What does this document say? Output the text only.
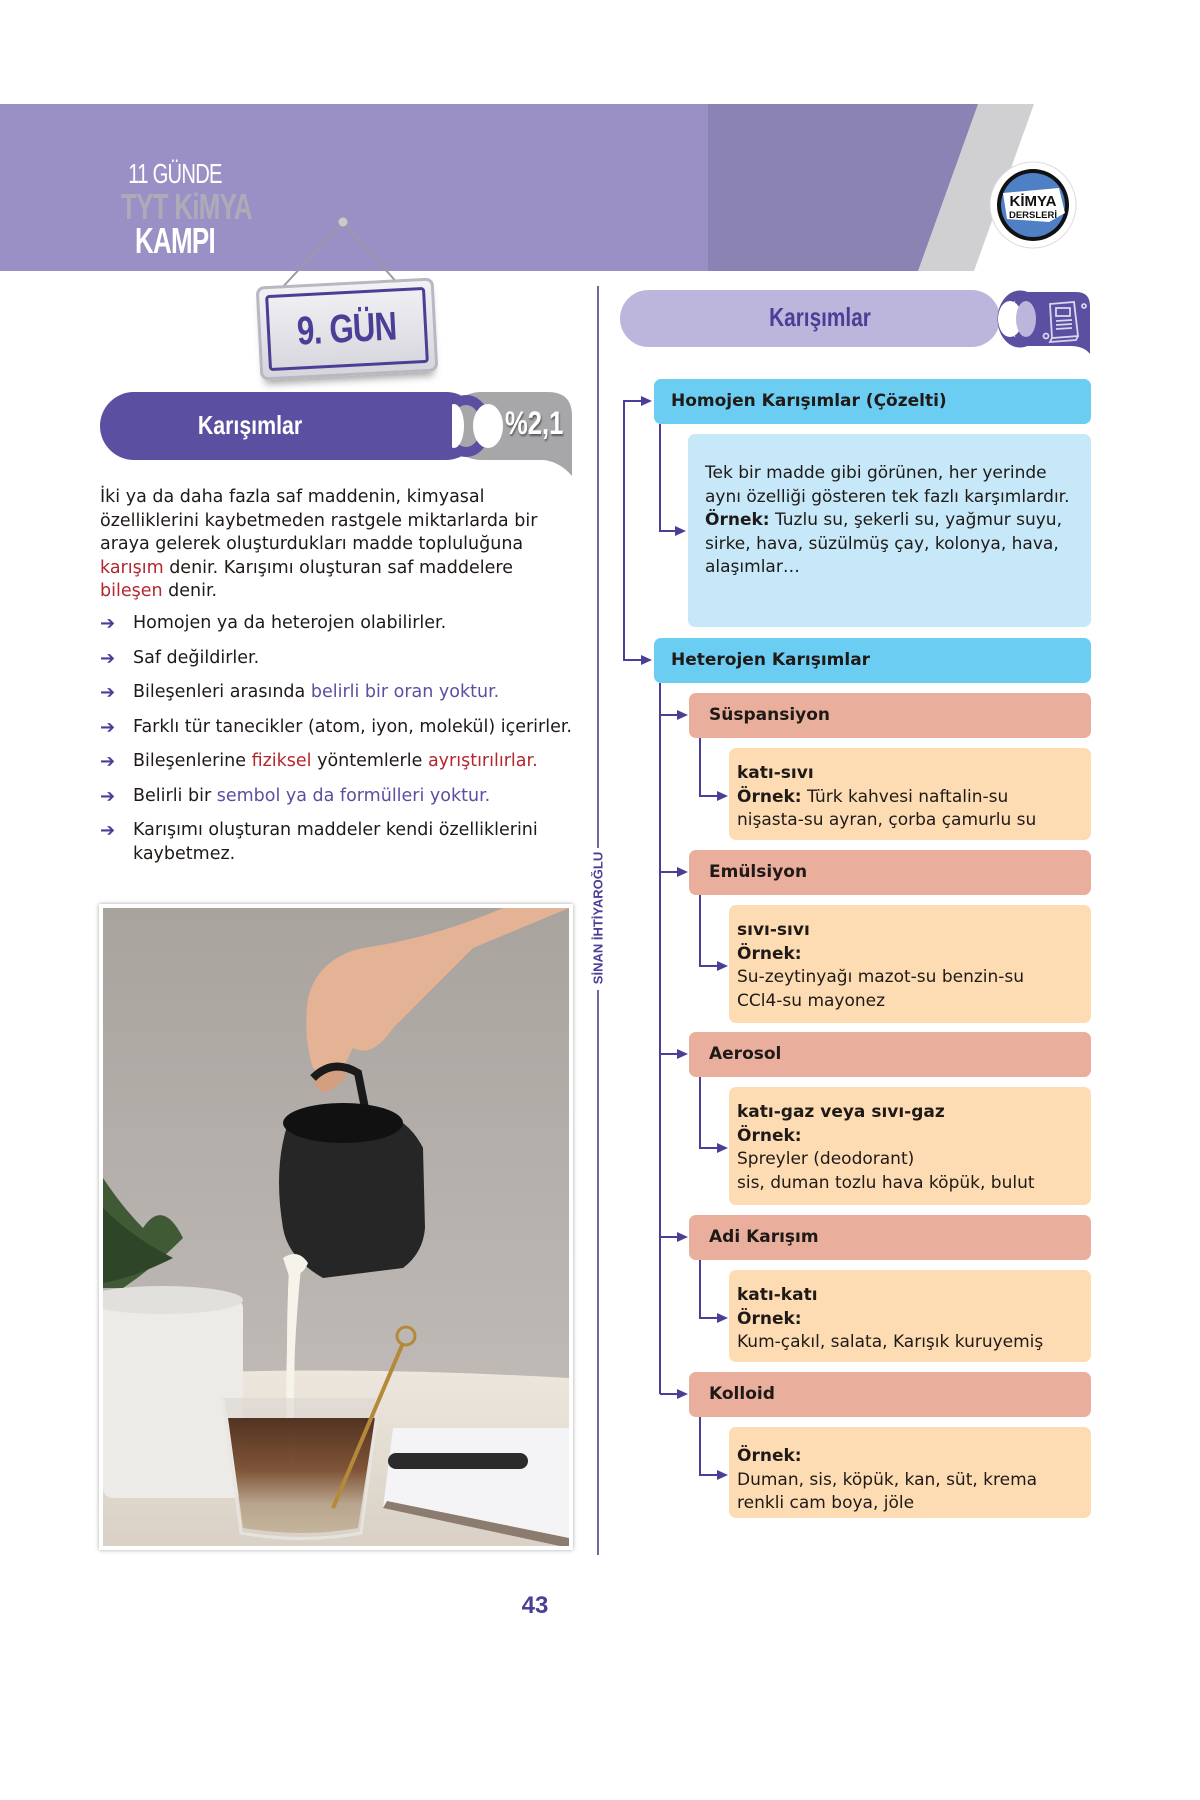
11 GÜNDE
TYT KiMYA
KAMPI
KİMYA
DERSLERİ
9. GÜN
Karışımlar	%2,1

İki ya da daha fazla saf maddenin, kimyasal özelliklerini kaybetmeden rastgele miktarlarda bir araya gelerek oluşturdukları madde topluluğuna karışım denir. Karışımı oluşturan saf maddelere bileşen denir.

➔ Homojen ya da heterojen olabilirler.
➔ Saf değildirler.
➔ Bileşenleri arasında belirli bir oran yoktur.
➔ Farklı tür tanecikler (atom, iyon, molekül) içerirler.
➔ Bileşenlerine fiziksel yöntemlerle ayrıştırılırlar.
➔ Belirli bir sembol ya da formülleri yoktur.
➔ Karışımı oluşturan maddeler kendi özelliklerini kaybetmez.	SİNAN İHTİYAROĞLU
43
Karışımlar
Homojen Karışımlar (Çözelti)
Tek bir madde gibi görünen, her yerinde aynı özelliği gösteren tek fazlı karşımlardır.
Örnek: Tuzlu su, şekerli su, yağmur suyu, sirke, hava, süzülmüş çay, kolonya, hava, alaşımlar…
Heterojen Karışımlar
Süspansiyon
katı-sıvı
Örnek: Türk kahvesi naftalin-su
nişasta-su ayran, çorba çamurlu su
Emülsiyon
sıvı-sıvı
Örnek:
Su-zeytinyağı mazot-su benzin-su
CCl4-su mayonez
Aerosol
katı-gaz veya sıvı-gaz
Örnek:
Spreyler (deodorant)
sis, duman tozlu hava köpük, bulut
Adi Karışım
katı-katı
Örnek:
Kum-çakıl, salata, Karışık kuruyemiş
Kolloid
Örnek:
Duman, sis, köpük, kan, süt, krema
renkli cam boya, jöle
